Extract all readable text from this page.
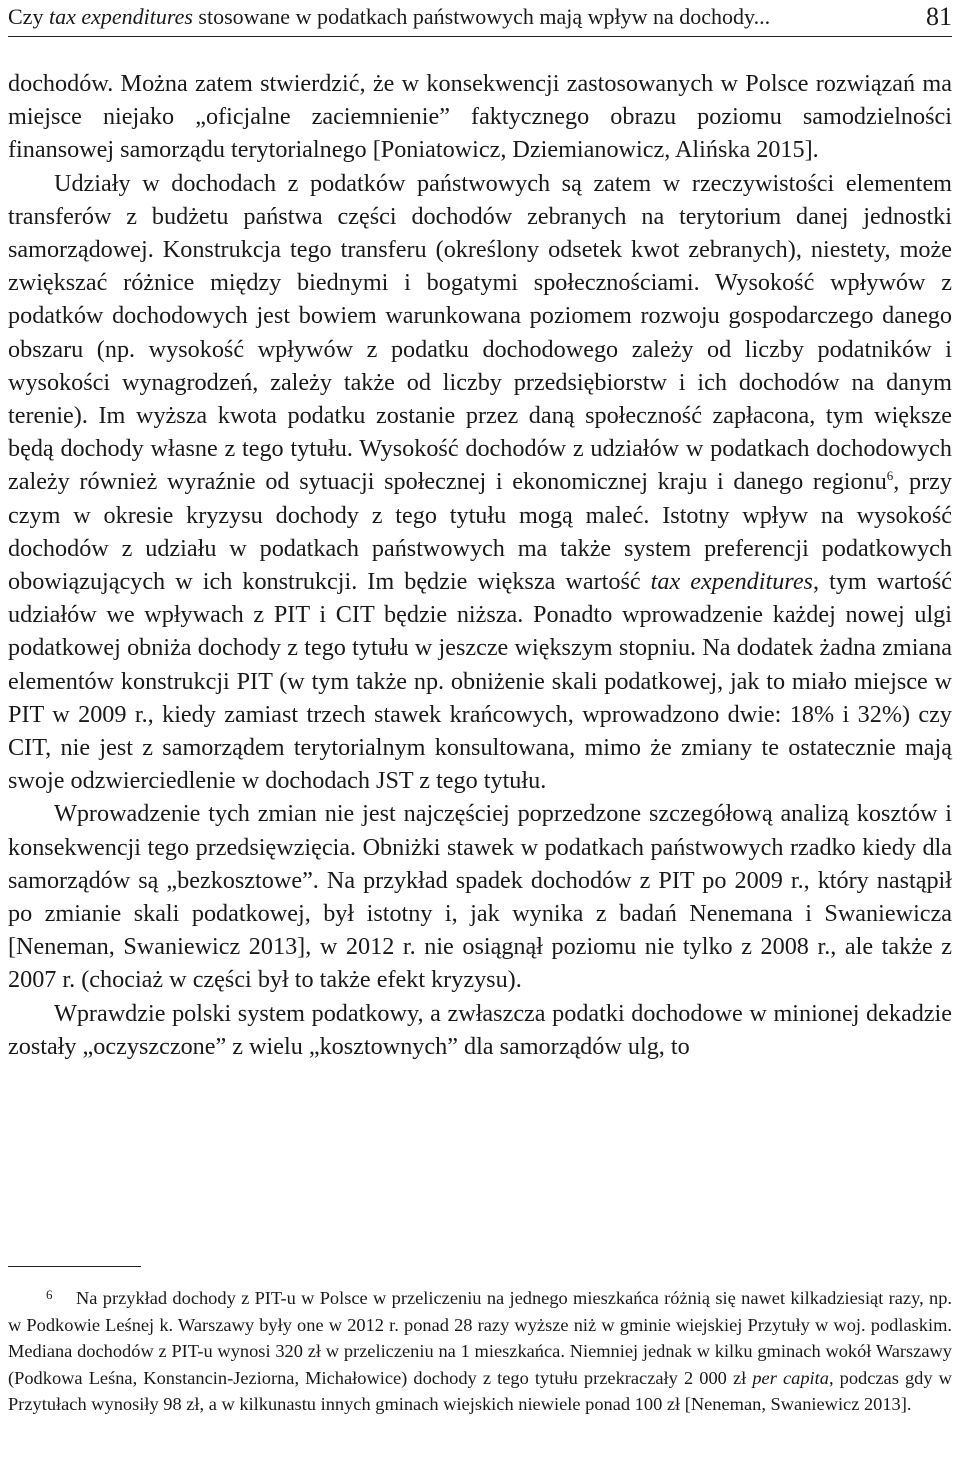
Czy tax expenditures stosowane w podatkach państwowych mają wpływ na dochody...	81

dochodów. Można zatem stwierdzić, że w konsekwencji zastosowanych w Polsce rozwiązań ma miejsce niejako „oficjalne zaciemnienie” faktycznego obrazu poziomu samodzielności finansowej samorządu terytorialnego [Poniatowicz, Dziemianowicz, Alińska 2015].

Udziały w dochodach z podatków państwowych są zatem w rzeczywistości elementem transferów z budżetu państwa części dochodów zebranych na terytorium danej jednostki samorządowej. Konstrukcja tego transferu (określony odsetek kwot zebranych), niestety, może zwiększać różnice między biednymi i bogatymi społecznościami. Wysokość wpływów z podatków dochodowych jest bowiem warunkowana poziomem rozwoju gospodarczego danego obszaru (np. wysokość wpływów z podatku dochodowego zależy od liczby podatników i wysokości wynagrodzeń, zależy także od liczby przedsiębiorstw i ich dochodów na danym terenie). Im wyższa kwota podatku zostanie przez daną społeczność zapłacona, tym większe będą dochody własne z tego tytułu. Wysokość dochodów z udziałów w podatkach dochodowych zależy również wyraźnie od sytuacji społecznej i ekonomicznej kraju i danego regionu$^6$, przy czym w okresie kryzysu dochody z tego tytułu mogą maleć. Istotny wpływ na wysokość dochodów z udziału w podatkach państwowych ma także system preferencji podatkowych obowiązujących w ich konstrukcji. Im będzie większa wartość tax expenditures, tym wartość udziałów we wpływach z PIT i CIT będzie niższa. Ponadto wprowadzenie każdej nowej ulgi podatkowej obniża dochody z tego tytułu w jeszcze większym stopniu. Na dodatek żadna zmiana elementów konstrukcji PIT (w tym także np. obniżenie skali podatkowej, jak to miało miejsce w PIT w 2009 r., kiedy zamiast trzech stawek krańcowych, wprowadzono dwie: 18% i 32%) czy CIT, nie jest z samorządem terytorialnym konsultowana, mimo że zmiany te ostatecznie mają swoje odzwierciedlenie w dochodach JST z tego tytułu.

Wprowadzenie tych zmian nie jest najczęściej poprzedzone szczegółową analizą kosztów i konsekwencji tego przedsięwzięcia. Obniżki stawek w podatkach państwowych rzadko kiedy dla samorządów są „bezkosztowe”. Na przykład spadek dochodów z PIT po 2009 r., który nastąpił po zmianie skali podatkowej, był istotny i, jak wynika z badań Nenemana i Swaniewicza [Neneman, Swaniewicz 2013], w 2012 r. nie osiągnął poziomu nie tylko z 2008 r., ale także z 2007 r. (chociaż w części był to także efekt kryzysu).

Wprawdzie polski system podatkowy, a zwłaszcza podatki dochodowe w minionej dekadzie zostały „oczyszczone” z wielu „kosztownych” dla samorządów ulg, to

6 Na przykład dochody z PIT-u w Polsce w przeliczeniu na jednego mieszkańca różnią się nawet kilkadziesiąt razy, np. w Podkowie Leśnej k. Warszawy były one w 2012 r. ponad 28 razy wyższe niż w gminie wiejskiej Przytuły w woj. podlaskim. Mediana dochodów z PIT-u wynosi 320 zł w przeliczeniu na 1 mieszkańca. Niemniej jednak w kilku gminach wokół Warszawy (Podkowa Leśna, Konstancin-Jeziorna, Michałowice) dochody z tego tytułu przekraczały 2 000 zł per capita, podczas gdy w Przytułach wynosiły 98 zł, a w kilkunastu innych gminach wiejskich niewiele ponad 100 zł [Neneman, Swaniewicz 2013].
